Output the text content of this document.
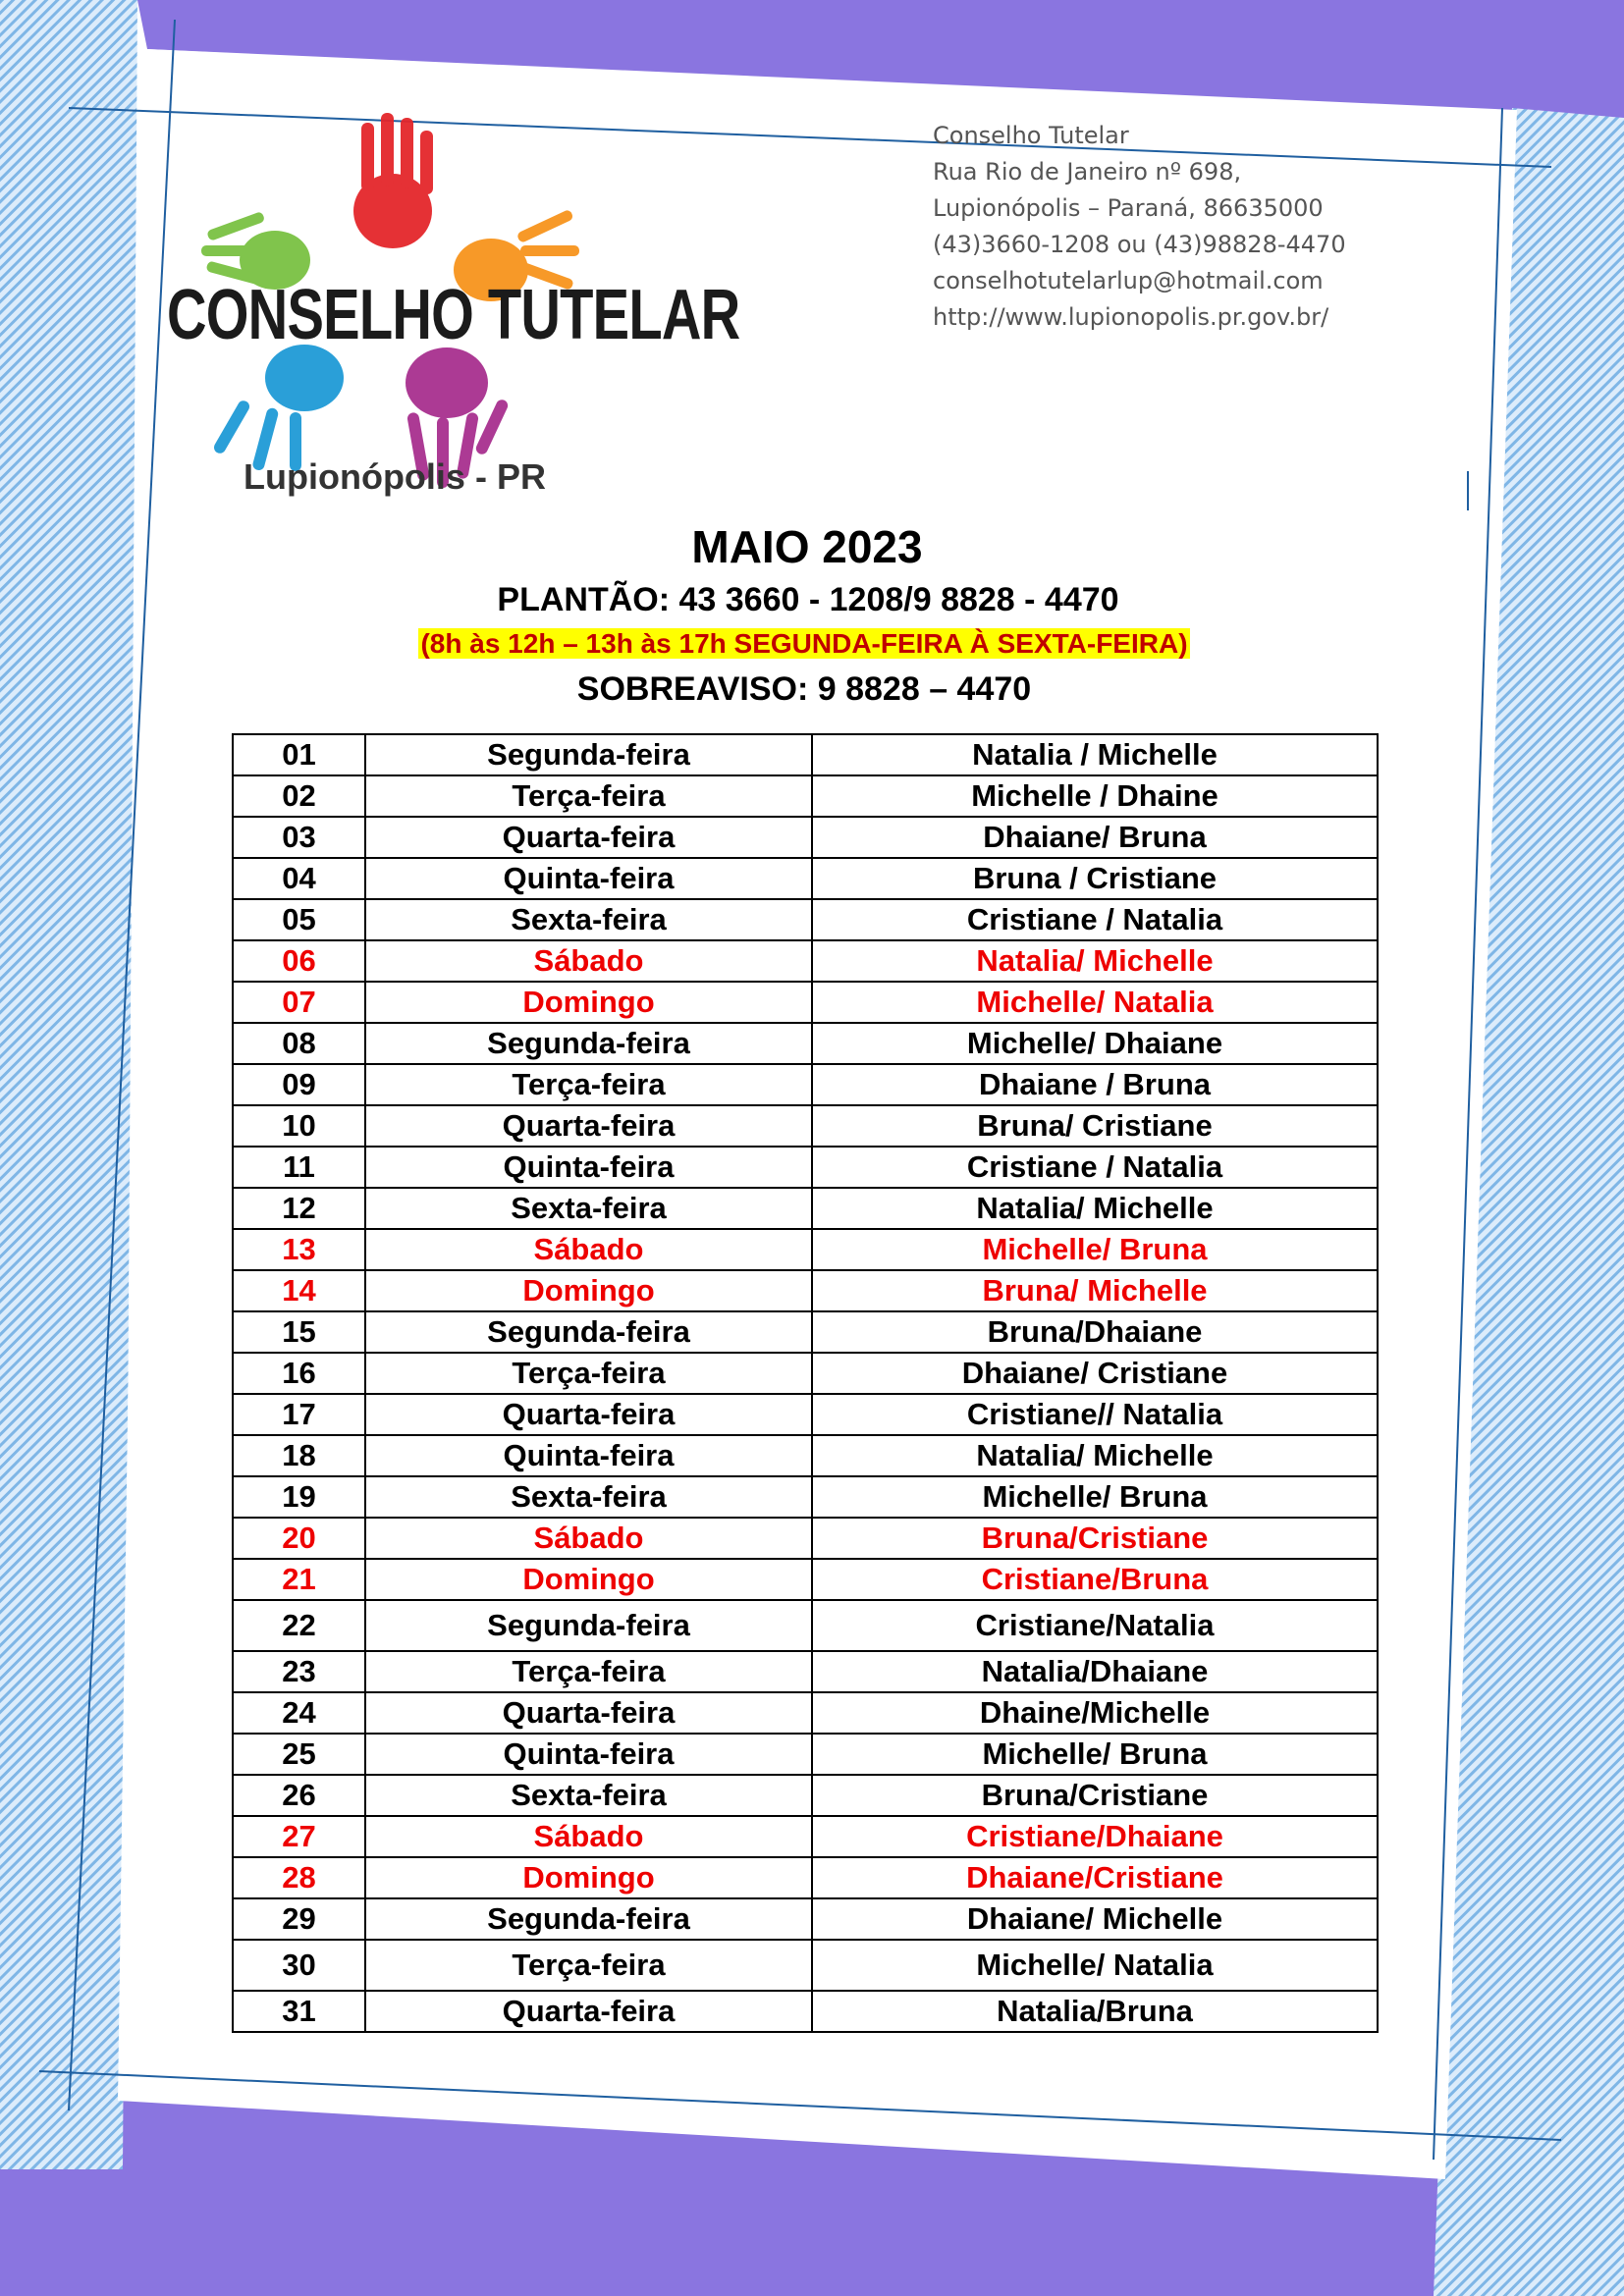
CONSELHO TUTELAR
Lupionópolis - PR
Conselho Tutelar
Rua Rio de Janeiro nº 698,
Lupionópolis – Paraná, 86635000
(43)3660-1208 ou (43)98828-4470
conselhotutelarlup@hotmail.com
http://www.lupionopolis.pr.gov.br/
MAIO 2023
PLANTÃO: 43 3660 - 1208/9 8828 - 4470
(8h às 12h – 13h às 17h SEGUNDA-FEIRA À SEXTA-FEIRA)
SOBREAVISO: 9 8828 – 4470
01	Segunda-feira	Natalia / Michelle
02	Terça-feira	Michelle / Dhaine
03	Quarta-feira	Dhaiane/ Bruna
04	Quinta-feira	Bruna / Cristiane
05	Sexta-feira	Cristiane / Natalia
06	Sábado	Natalia/ Michelle
07	Domingo	Michelle/ Natalia
08	Segunda-feira	Michelle/ Dhaiane
09	Terça-feira	Dhaiane / Bruna
10	Quarta-feira	Bruna/ Cristiane
11	Quinta-feira	Cristiane / Natalia
12	Sexta-feira	Natalia/ Michelle
13	Sábado	Michelle/ Bruna
14	Domingo	Bruna/ Michelle
15	Segunda-feira	Bruna/Dhaiane
16	Terça-feira	Dhaiane/ Cristiane
17	Quarta-feira	Cristiane// Natalia
18	Quinta-feira	Natalia/ Michelle
19	Sexta-feira	Michelle/ Bruna
20	Sábado	Bruna/Cristiane
21	Domingo	Cristiane/Bruna
22	Segunda-feira	Cristiane/Natalia
23	Terça-feira	Natalia/Dhaiane
24	Quarta-feira	Dhaine/Michelle
25	Quinta-feira	Michelle/ Bruna
26	Sexta-feira	Bruna/Cristiane
27	Sábado	Cristiane/Dhaiane
28	Domingo	Dhaiane/Cristiane
29	Segunda-feira	Dhaiane/ Michelle
30	Terça-feira	Michelle/ Natalia
31	Quarta-feira	Natalia/Bruna
